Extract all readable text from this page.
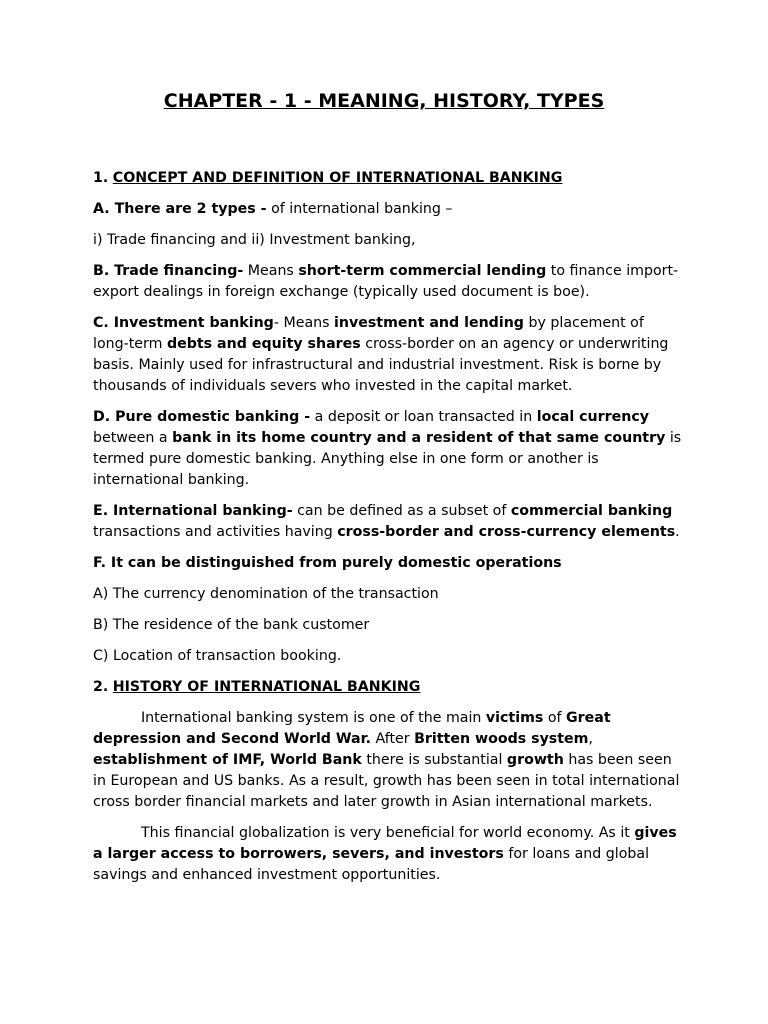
CHAPTER - 1 - MEANING, HISTORY, TYPES

1. CONCEPT AND DEFINITION OF INTERNATIONAL BANKING

A. There are 2 types - of international banking –

i) Trade financing and ii) Investment banking,

B. Trade financing- Means short-term commercial lending to finance import-export dealings in foreign exchange (typically used document is boe).

C. Investment banking- Means investment and lending by placement of long-term debts and equity shares cross-border on an agency or underwriting basis. Mainly used for infrastructural and industrial investment. Risk is borne by thousands of individuals severs who invested in the capital market.

D. Pure domestic banking - a deposit or loan transacted in local currency between a bank in its home country and a resident of that same country is termed pure domestic banking. Anything else in one form or another is international banking.

E. International banking- can be defined as a subset of commercial banking transactions and activities having cross-border and cross-currency elements.

F. It can be distinguished from purely domestic operations

A) The currency denomination of the transaction

B) The residence of the bank customer

C) Location of transaction booking.

2. HISTORY OF INTERNATIONAL BANKING

International banking system is one of the main victims of Great depression and Second World War. After Britten woods system, establishment of IMF, World Bank there is substantial growth has been seen in European and US banks. As a result, growth has been seen in total international cross border financial markets and later growth in Asian international markets.

This financial globalization is very beneficial for world economy. As it gives a larger access to borrowers, severs, and investors for loans and global savings and enhanced investment opportunities.
